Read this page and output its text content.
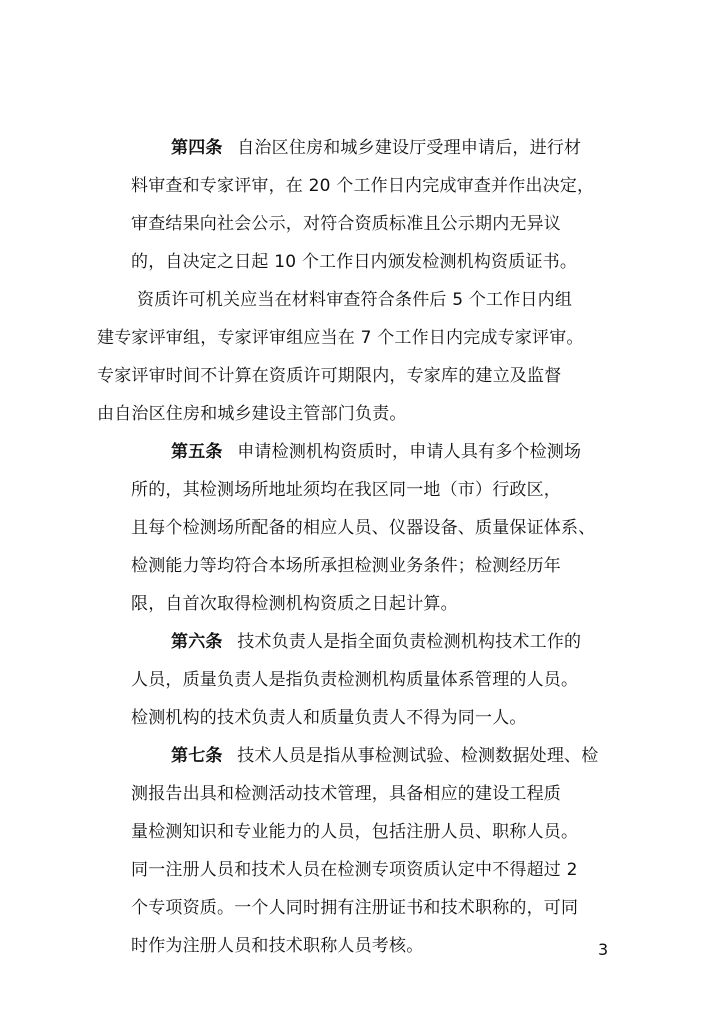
第四条 自治区住房和城乡建设厅受理申请后，进行材
料审查和专家评审，在 20 个工作日内完成审查并作出决定，
审查结果向社会公示，对符合资质标准且公示期内无异议
的，自决定之日起 10 个工作日内颁发检测机构资质证书。
资质许可机关应当在材料审查符合条件后 5 个工作日内组
建专家评审组，专家评审组应当在 7 个工作日内完成专家评审。
专家评审时间不计算在资质许可期限内，专家库的建立及监督
由自治区住房和城乡建设主管部门负责。
第五条 申请检测机构资质时，申请人具有多个检测场
所的，其检测场所地址须均在我区同一地（市）行政区，
且每个检测场所配备的相应人员、仪器设备、质量保证体系、
检测能力等均符合本场所承担检测业务条件；检测经历年
限，自首次取得检测机构资质之日起计算。
第六条 技术负责人是指全面负责检测机构技术工作的
人员，质量负责人是指负责检测机构质量体系管理的人员。
检测机构的技术负责人和质量负责人不得为同一人。
第七条 技术人员是指从事检测试验、检测数据处理、检
测报告出具和检测活动技术管理，具备相应的建设工程质
量检测知识和专业能力的人员，包括注册人员、职称人员。
同一注册人员和技术人员在检测专项资质认定中不得超过 2
个专项资质。一个人同时拥有注册证书和技术职称的，可同
时作为注册人员和技术职称人员考核。	3
